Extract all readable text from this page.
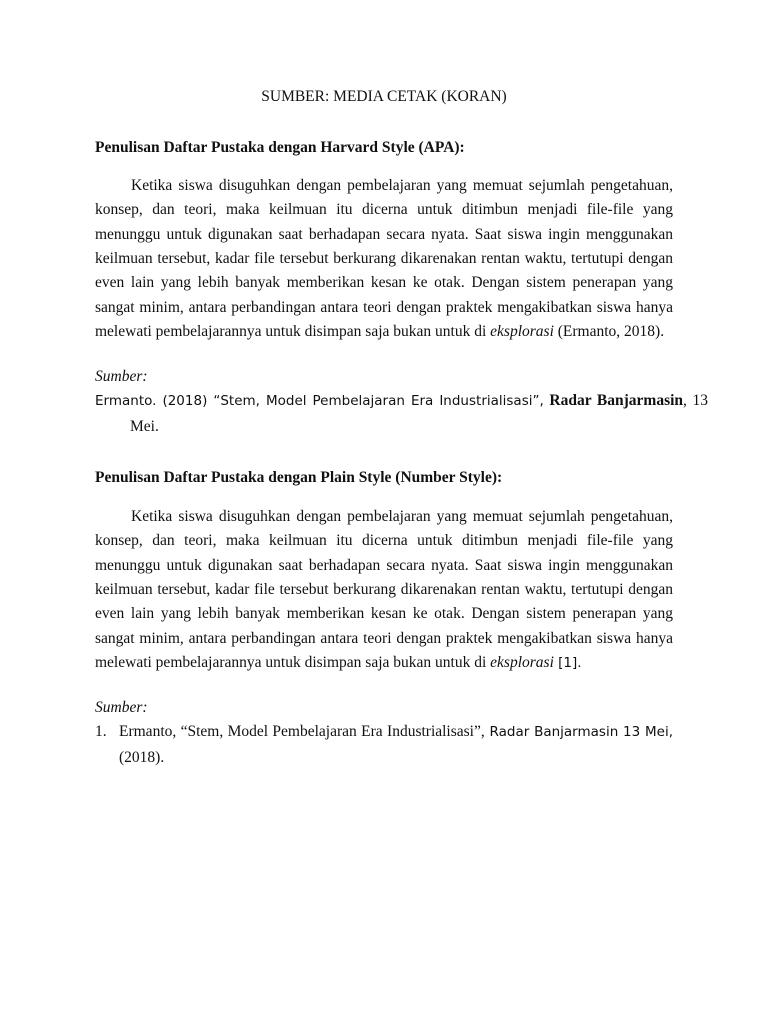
SUMBER: MEDIA CETAK (KORAN)
Penulisan Daftar Pustaka dengan Harvard Style (APA):

Ketika siswa disuguhkan dengan pembelajaran yang memuat sejumlah pengetahuan, konsep, dan teori, maka keilmuan itu dicerna untuk ditimbun menjadi file-file yang menunggu untuk digunakan saat berhadapan secara nyata. Saat siswa ingin menggunakan keilmuan tersebut, kadar file tersebut berkurang dikarenakan rentan waktu, tertutupi dengan even lain yang lebih banyak memberikan kesan ke otak. Dengan sistem penerapan yang sangat minim, antara perbandingan antara teori dengan praktek mengakibatkan siswa hanya melewati pembelajarannya untuk disimpan saja bukan untuk di eksplorasi (Ermanto, 2018).

Sumber:

Ermanto. (2018) “Stem, Model Pembelajaran Era Industrialisasi”, Radar Banjarmasin, 13 Mei.

Penulisan Daftar Pustaka dengan Plain Style (Number Style):

Ketika siswa disuguhkan dengan pembelajaran yang memuat sejumlah pengetahuan, konsep, dan teori, maka keilmuan itu dicerna untuk ditimbun menjadi file-file yang menunggu untuk digunakan saat berhadapan secara nyata. Saat siswa ingin menggunakan keilmuan tersebut, kadar file tersebut berkurang dikarenakan rentan waktu, tertutupi dengan even lain yang lebih banyak memberikan kesan ke otak. Dengan sistem penerapan yang sangat minim, antara perbandingan antara teori dengan praktek mengakibatkan siswa hanya melewati pembelajarannya untuk disimpan saja bukan untuk di eksplorasi [1].

Sumber:

1. Ermanto, “Stem, Model Pembelajaran Era Industrialisasi”, Radar Banjarmasin 13 Mei, (2018).
